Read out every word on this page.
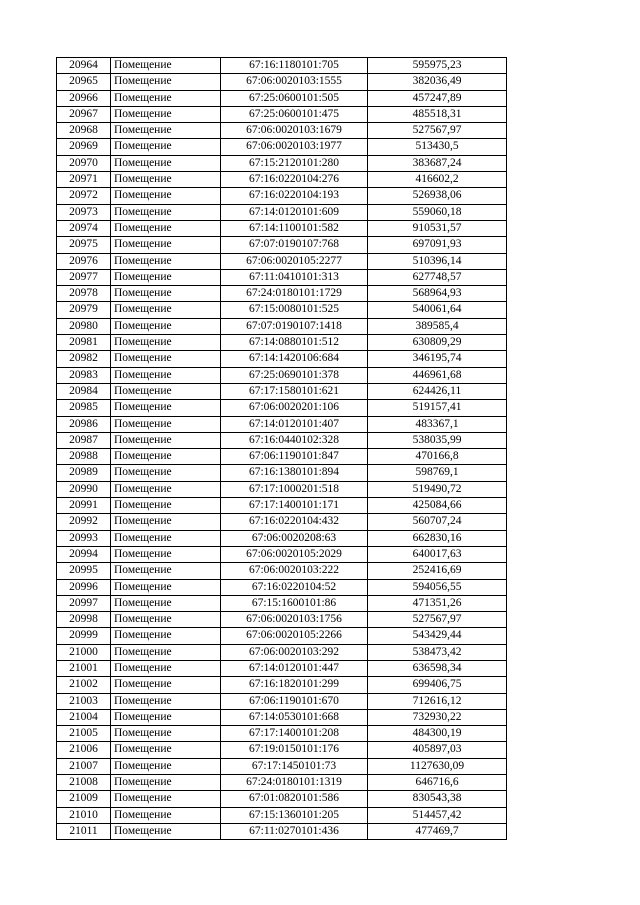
20964	Помещение	67:16:1180101:705	595975,23
20965	Помещение	67:06:0020103:1555	382036,49
20966	Помещение	67:25:0600101:505	457247,89
20967	Помещение	67:25:0600101:475	485518,31
20968	Помещение	67:06:0020103:1679	527567,97
20969	Помещение	67:06:0020103:1977	513430,5
20970	Помещение	67:15:2120101:280	383687,24
20971	Помещение	67:16:0220104:276	416602,2
20972	Помещение	67:16:0220104:193	526938,06
20973	Помещение	67:14:0120101:609	559060,18
20974	Помещение	67:14:1100101:582	910531,57
20975	Помещение	67:07:0190107:768	697091,93
20976	Помещение	67:06:0020105:2277	510396,14
20977	Помещение	67:11:0410101:313	627748,57
20978	Помещение	67:24:0180101:1729	568964,93
20979	Помещение	67:15:0080101:525	540061,64
20980	Помещение	67:07:0190107:1418	389585,4
20981	Помещение	67:14:0880101:512	630809,29
20982	Помещение	67:14:1420106:684	346195,74
20983	Помещение	67:25:0690101:378	446961,68
20984	Помещение	67:17:1580101:621	624426,11
20985	Помещение	67:06:0020201:106	519157,41
20986	Помещение	67:14:0120101:407	483367,1
20987	Помещение	67:16:0440102:328	538035,99
20988	Помещение	67:06:1190101:847	470166,8
20989	Помещение	67:16:1380101:894	598769,1
20990	Помещение	67:17:1000201:518	519490,72
20991	Помещение	67:17:1400101:171	425084,66
20992	Помещение	67:16:0220104:432	560707,24
20993	Помещение	67:06:0020208:63	662830,16
20994	Помещение	67:06:0020105:2029	640017,63
20995	Помещение	67:06:0020103:222	252416,69
20996	Помещение	67:16:0220104:52	594056,55
20997	Помещение	67:15:1600101:86	471351,26
20998	Помещение	67:06:0020103:1756	527567,97
20999	Помещение	67:06:0020105:2266	543429,44
21000	Помещение	67:06:0020103:292	538473,42
21001	Помещение	67:14:0120101:447	636598,34
21002	Помещение	67:16:1820101:299	699406,75
21003	Помещение	67:06:1190101:670	712616,12
21004	Помещение	67:14:0530101:668	732930,22
21005	Помещение	67:17:1400101:208	484300,19
21006	Помещение	67:19:0150101:176	405897,03
21007	Помещение	67:17:1450101:73	1127630,09
21008	Помещение	67:24:0180101:1319	646716,6
21009	Помещение	67:01:0820101:586	830543,38
21010	Помещение	67:15:1360101:205	514457,42
21011	Помещение	67:11:0270101:436	477469,7
